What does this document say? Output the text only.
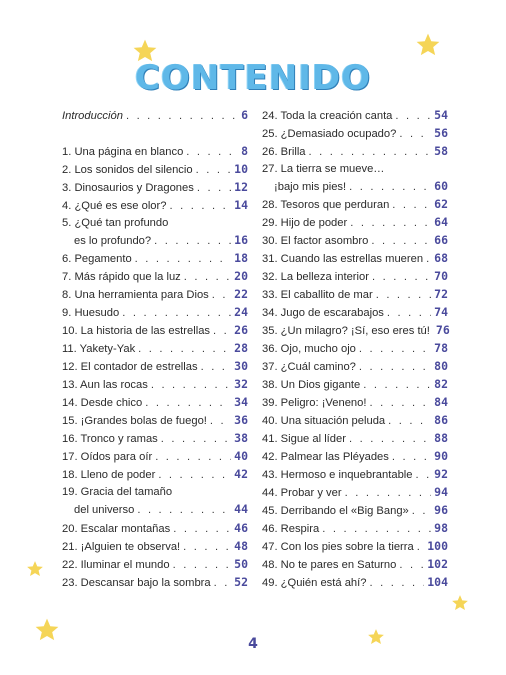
CONTENIDO
Introducción . . .	6
1. Una página en blanco . . .	8
2. Los sonidos del silencio . . .	10
3. Dinosaurios y Dragones . . .	12
4. ¿Qué es ese olor? . . .	14
5. ¿Qué tan profundo
es lo profundo? . . .	16
6. Pegamento . . .	18
7. Más rápido que la luz . . .	20
8. Una herramienta para Dios . . . 22
9. Huesudo . . .	24
10. La historia de las estrellas . . . 26
11. Yakety-Yak . . .	28
12. El contador de estrellas . . .	30
13. Aun las rocas . . .	32
14. Desde chico . . .	34
15. ¡Grandes bolas de fuego! . . . 36
16. Tronco y ramas . . .	38
17. Oídos para oír . . .	40
18. Lleno de poder . . .	42
19. Gracia del tamaño
del universo . . .	44
20. Escalar montañas . . .	46
21. ¡Alguien te observa! . . .	48
22. Iluminar el mundo . . .	50
23. Descansar bajo la sombra . . . 52
24. Toda la creación canta . . .	54
25. ¿Demasiado ocupado? . . .	56
26. Brilla . . .	58
27. La tierra se mueve…
¡bajo mis pies! . . .	60
28. Tesoros que perduran . . .	62
29. Hijo de poder . . .	64
30. El factor asombro . . .	66
31. Cuando las estrellas mueren . . . 68
32. La belleza interior . . .	70
33. El caballito de mar . . .	72
34. Jugo de escarabajos . . .	74
35. ¿Un milagro? ¡Sí, eso eres tú! 76
36. Ojo, mucho ojo . . .	78
37. ¿Cuál camino? . . .	80
38. Un Dios gigante . . .	82
39. Peligro: ¡Veneno! . . .	84
40. Una situación peluda . . .	86
41. Sigue al líder . . .	88
42. Palmear las Pléyades . . .	90
43. Hermoso e inquebrantable . . . 92
44. Probar y ver . . .	94
45. Derribando el «Big Bang» . . . 96
46. Respira . . .	98
47. Con los pies sobre la tierra . . . 100
48. No te pares en Saturno . . .	102
49. ¿Quién está ahí? . . .	104
4
